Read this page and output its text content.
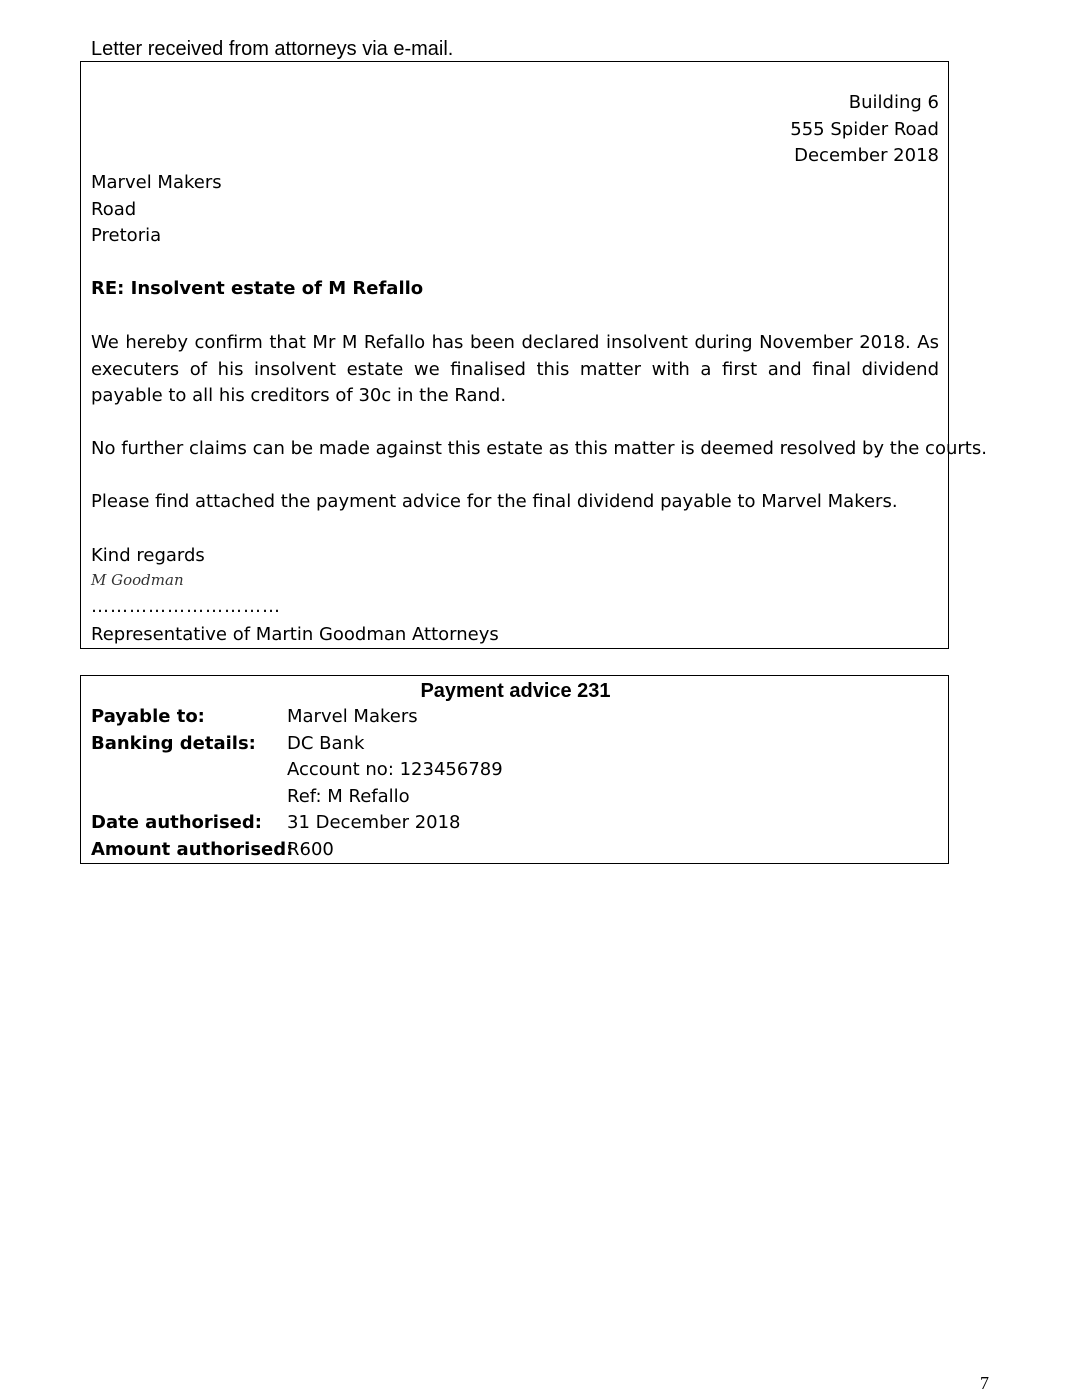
Letter received from attorneys via e-mail.
Building 6
555 Spider Road
December 2018
Marvel Makers
Road
Pretoria
RE: Insolvent estate of M Refallo
We hereby confirm that Mr M Refallo has been declared insolvent during November 2018. As executers of his insolvent estate we finalised this matter with a first and final dividend payable to all his creditors of 30c in the Rand.
No further claims can be made against this estate as this matter is deemed resolved by the courts.
Please find attached the payment advice for the final dividend payable to Marvel Makers.
Kind regards
M Goodman
…………………………
Representative of Martin Goodman Attorneys
Payment advice 231
Payable to:	Marvel Makers
Banking details: DC Bank
Account no: 123456789
Ref: M Refallo
Date authorised: 31 December 2018
Amount authorised:
R600
7
